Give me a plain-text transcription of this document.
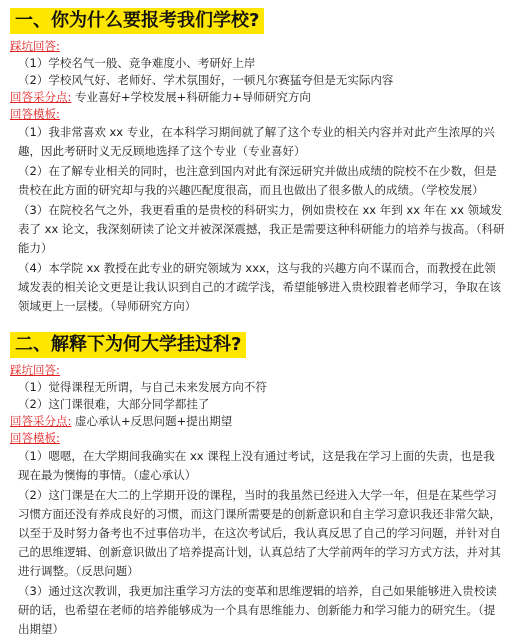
一、你为什么要报考我们学校?
踩坑回答:
（1）学校名气一般、竞争难度小、考研好上岸
（2）学校风气好、老师好、学术氛围好，一顿凡尔赛猛夸但是无实际内容
回答采分点: 专业喜好+学校发展+科研能力+导师研究方向
回答模板:
（1）我非常喜欢 xx 专业，在本科学习期间就了解了这个专业的相关内容并对此产生浓厚的兴趣，因此考研时义无反顾地选择了这个专业（专业喜好）
（2）在了解专业相关的同时，也注意到国内对此有深远研究并做出成绩的院校不在少数，但是贵校在此方面的研究却与我的兴趣匹配度很高，而且也做出了很多傲人的成绩。（学校发展）
（3）在院校名气之外，我更看重的是贵校的科研实力，例如贵校在 xx 年到 xx 年在 xx 领域发表了 xx 论文，我深刻研读了论文并被深深震撼，我正是需要这种科研能力的培养与拔高。（科研能力）
（4）本学院 xx 教授在此专业的研究领域为 xxx，这与我的兴趣方向不谋而合，而教授在此领域发表的相关论文更是让我认识到自己的才疏学浅，希望能够进入贵校跟着老师学习，争取在该领域更上一层楼。（导师研究方向）
二、解释下为何大学挂过科?
踩坑回答:
（1）觉得课程无所谓，与自己未来发展方向不符
（2）这门课很难，大部分同学都挂了
回答采分点: 虚心承认+反思问题+提出期望
回答模板:
（1）嗯嗯，在大学期间我确实在 xx 课程上没有通过考试，这是我在学习上面的失责，也是我现在最为懊悔的事情。（虚心承认）
（2）这门课是在大二的上学期开设的课程，当时的我虽然已经进入大学一年，但是在某些学习习惯方面还没有养成良好的习惯，而这门课所需要是的创新意识和自主学习意识我还非常欠缺，以至于及时努力备考也不过事倍功半，在这次考试后，我认真反思了自己的学习问题，并针对自己的思维逻辑、创新意识做出了培养提高计划，认真总结了大学前两年的学习方式方法，并对其进行调整。（反思问题）
（3）通过这次教训，我更加注重学习方法的变革和思维逻辑的培养，自己如果能够进入贵校读研的话，也希望在老师的培养能够成为一个具有思维能力、创新能力和学习能力的研究生。（提出期望）
